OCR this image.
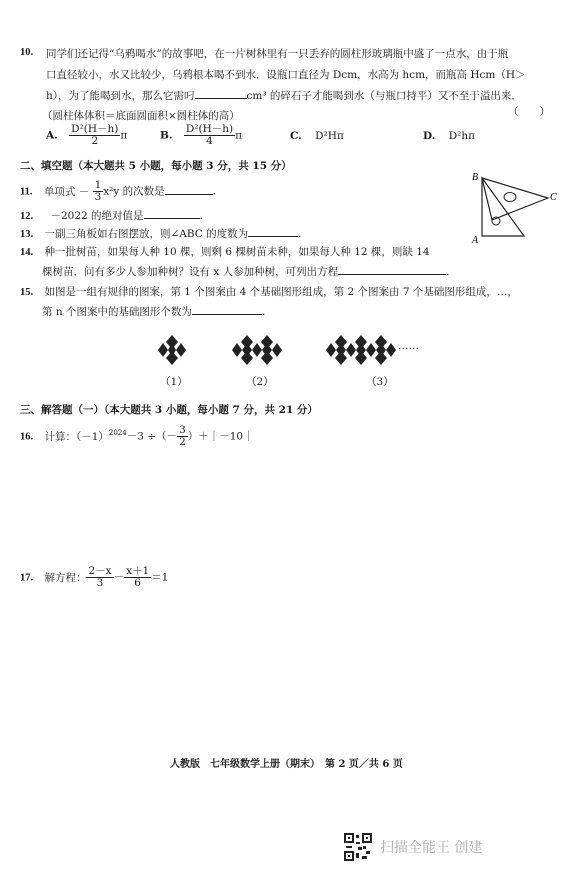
10. 同学们还记得“乌鸦喝水”的故事吧，在一片树林里有一只丢弃的圆柱形玻璃瓶中盛了一点水，由于瓶
口直径较小，水又比较少，乌鸦根本喝不到水．设瓶口直径为 Dcm，水高为 hcm，而瓶高 Hcm（H＞
h），为了能喝到水，那么它需叼	cm³ 的碎石子才能喝到水（与瓶口持平）又不至于溢出来．
（圆柱体体积＝底面圆面积×圆柱体的高）	（　　）
A. $\frac{\text{D²(H－h)}}{2}$ π	B. $\frac{\text{D²(H－h)}}{4}$ π	C. D²Hπ	D. D²hπ
二、填空题（本大题共 5 小题，每小题 3 分，共 15 分）
11. 单项式 － $\frac{1}{3} x^2y$ 的次数是	.
12. －2022 的绝对值是	.
13. 一副三角板如右图摆放，则∠ABC 的度数为	.
B
C
A
14. 种一批树苗，如果每人种 10 棵，则剩 6 棵树苗未种，如果每人种 12 棵，则缺 14
棵树苗．问有多少人参加种树？设有 x 人参加种树，可列出方程	.
15. 如图是一组有规律的图案，第 1 个图案由 4 个基础图形组成，第 2 个图案由 7 个基础图形组成，…，
第 n 个图案中的基础图形个数为	.
……
（1）	（2）	（3）
三、解答题（一）（本大题共 3 小题，每小题 7 分，共 21 分）
16. 计算：$(-1)^{2024}-3$ ÷（－ $\frac{3}{2}$ ）＋｜－10｜
17. 解方程： $\frac{2-x}{3} - \frac{x+1}{6} =1$
人教版　七年级数学上册（期末）　第 2 页／共 6 页
扫描全能王 创建
